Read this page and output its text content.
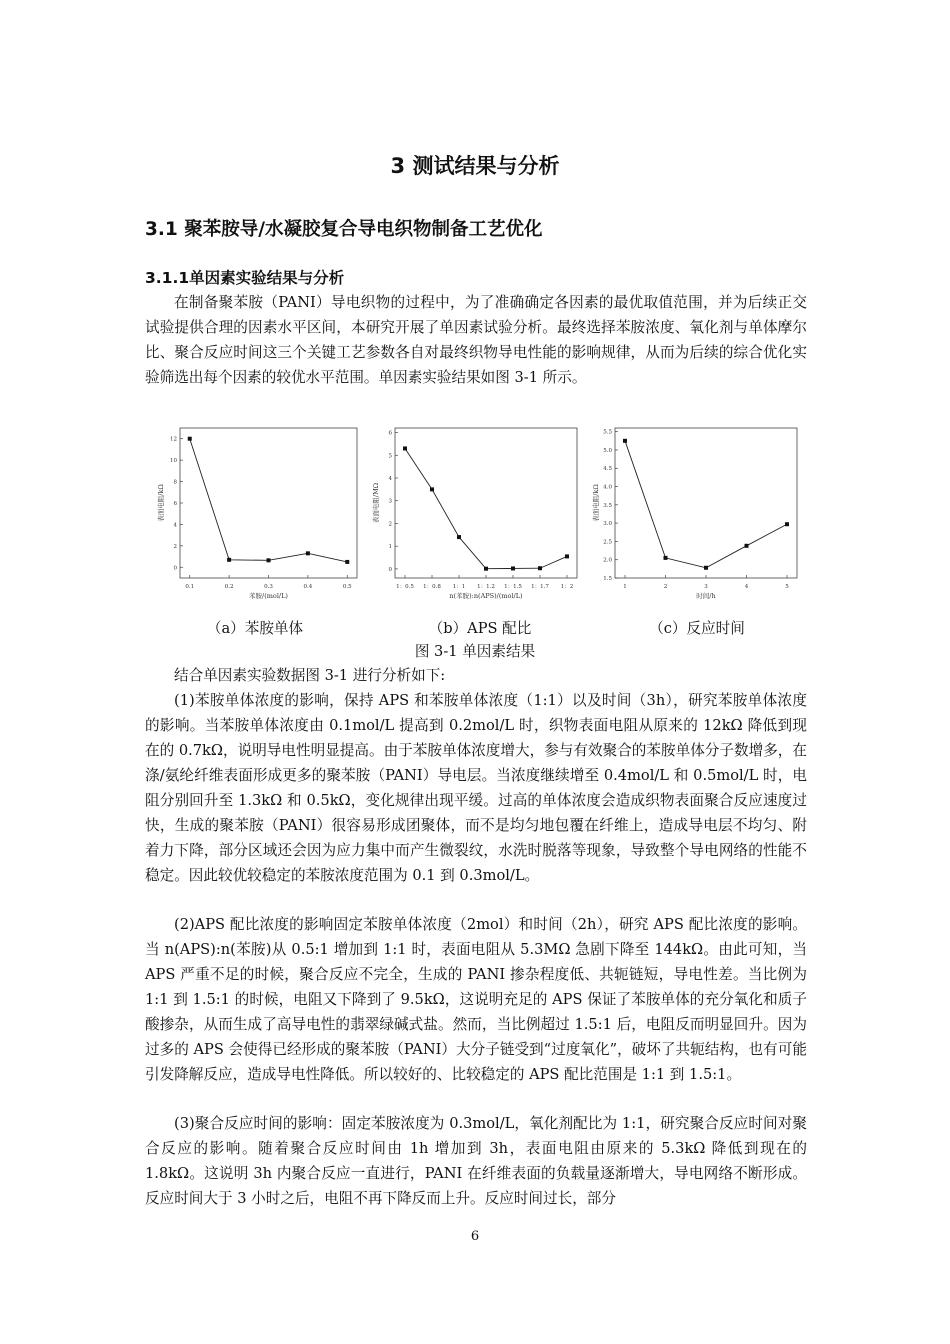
3 测试结果与分析
3.1 聚苯胺导/水凝胶复合导电织物制备工艺优化
3.1.1单因素实验结果与分析

在制备聚苯胺（PANI）导电织物的过程中，为了准确确定各因素的最优取值范围，并为后续正交试验提供合理的因素水平区间，本研究开展了单因素试验分析。最终选择苯胺浓度、氧化剂与单体摩尔比、聚合反应时间这三个关键工艺参数各自对最终织物导电性能的影响规律，从而为后续的综合优化实验筛选出每个因素的较优水平范围。单因素实验结果如图 3-1 所示。

0
2
4
6
8
10
12
0.1	0.2	0.3	0.4	0.5
苯胺/(mol/L)
表面电阻/kΩ
0
1
2
3
4
5
6
1：0.5 1：0.8 1：1 1：1.2 1：1.5 1：1.7 1：2
n(苯胺):n(APS)/(mol/L)
表面电阻/MΩ
1.5
2.0
2.5
3.0
3.5
4.0
4.5
5.0
5.5
1	2	3	4	5
时间/h
表面电阻/kΩ
（a）苯胺单体	（b）APS 配比	（c）反应时间
图 3-1 单因素结果

结合单因素实验数据图 3-1 进行分析如下:

(1)苯胺单体浓度的影响，保持 APS 和苯胺单体浓度（1:1）以及时间（3h），研究苯胺单体浓度的影响。当苯胺单体浓度由 0.1mol/L 提高到 0.2mol/L 时，织物表面电阻从原来的 12kΩ 降低到现在的 0.7kΩ，说明导电性明显提高。由于苯胺单体浓度增大，参与有效聚合的苯胺单体分子数增多，在涤/氨纶纤维表面形成更多的聚苯胺（PANI）导电层。当浓度继续增至 0.4mol/L 和 0.5mol/L 时，电阻分别回升至 1.3kΩ 和 0.5kΩ，变化规律出现平缓。过高的单体浓度会造成织物表面聚合反应速度过快，生成的聚苯胺（PANI）很容易形成团聚体，而不是均匀地包覆在纤维上，造成导电层不均匀、附着力下降，部分区域还会因为应力集中而产生微裂纹，水洗时脱落等现象，导致整个导电网络的性能不稳定。因此较优较稳定的苯胺浓度范围为 0.1 到 0.3mol/L。

(2)APS 配比浓度的影响固定苯胺单体浓度（2mol）和时间（2h），研究 APS 配比浓度的影响。当 n(APS):n(苯胺)从 0.5:1 增加到 1:1 时，表面电阻从 5.3MΩ 急剧下降至 144kΩ。由此可知，当 APS 严重不足的时候，聚合反应不完全，生成的 PANI 掺杂程度低、共轭链短，导电性差。当比例为 1:1 到 1.5:1 的时候，电阻又下降到了 9.5kΩ，这说明充足的 APS 保证了苯胺单体的充分氧化和质子酸掺杂，从而生成了高导电性的翡翠绿碱式盐。然而，当比例超过 1.5:1 后，电阻反而明显回升。因为过多的 APS 会使得已经形成的聚苯胺（PANI）大分子链受到“过度氧化”，破坏了共轭结构，也有可能引发降解反应，造成导电性降低。所以较好的、比较稳定的 APS 配比范围是 1:1 到 1.5:1。

(3)聚合反应时间的影响：固定苯胺浓度为 0.3mol/L，氧化剂配比为 1:1，研究聚合反应时间对聚合反应的影响。随着聚合反应时间由 1h 增加到 3h，表面电阻由原来的 5.3kΩ 降低到现在的 1.8kΩ。这说明 3h 内聚合反应一直进行，PANI 在纤维表面的负载量逐渐增大，导电网络不断形成。反应时间大于 3 小时之后，电阻不再下降反而上升。反应时间过长，部分

6
